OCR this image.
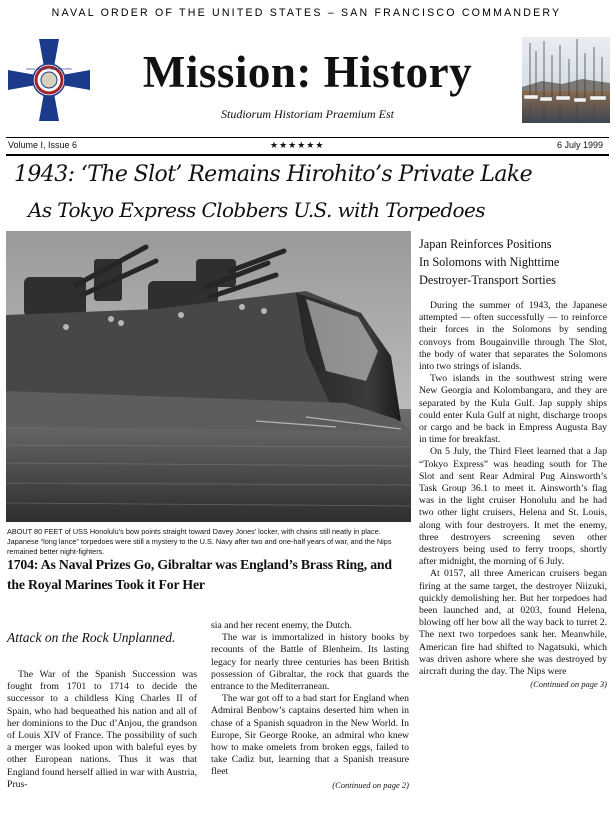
NAVAL ORDER OF THE UNITED STATES – SAN FRANCISCO COMMANDERY
NAVAL ORDER UNITED STATES	Mission: History
Studiorum Historiam Praemium Est
Volume I, Issue 6	★★★★★★	6 July 1999
1943: ‘The Slot’ Remains Hirohito’s Private Lake
As Tokyo Express Clobbers U.S. with Torpedoes
ABOUT 80 FEET of USS Honolulu’s bow points straight toward Davey Jones’ locker, with chains still neatly in place. Japanese “long lance” torpedoes were still a mystery to the U.S. Navy after two and one-half years of war, and the Nips remained better night-fighters.
1704: As Naval Prizes Go, Gibraltar was England’s Brass Ring, and the Royal Marines Took it For Her
Attack on the Rock Unplanned.

The War of the Spanish Succession was fought from 1701 to 1714 to decide the successor to a childless King Charles II of Spain, who had bequeathed his nation and all of her dominions to the Duc d’Anjou, the grandson of Louis XIV of France. The possibility of such a merger was looked upon with baleful eyes by other European nations. Thus it was that England found herself allied in war with Austria, Prus-

sia and her recent enemy, the Dutch.

The war is immortalized in history books by recounts of the Battle of Blenheim. Its lasting legacy for nearly three centuries has been British possession of Gibraltar, the rock that guards the entrance to the Mediterranean.

The war got off to a bad start for England when Admiral Benbow’s captains deserted him when in chase of a Spanish squadron in the New World. In Europe, Sir George Rooke, an admiral who knew how to make omelets from broken eggs, failed to take Cadiz but, learning that a Spanish treasure fleet

(Continued on page 2)
Japan Reinforces Positions
In Solomons with Nighttime
Destroyer-Transport Sorties

During the summer of 1943, the Japanese attempted — often successfully — to reinforce their forces in the Solomons by sending convoys from Bougainville through The Slot, the body of water that separates the Solomons into two strings of islands.

Two islands in the southwest string were New Georgia and Kolombangara, and they are separated by the Kula Gulf. Jap supply ships could enter Kula Gulf at night, discharge troops or cargo and be back in Empress Augusta Bay in time for breakfast.

On 5 July, the Third Fleet learned that a Jap “Tokyo Express” was heading south for The Slot and sent Rear Admiral Pug Ainsworth’s Task Group 36.1 to meet it. Ainsworth’s flag was in the light cruiser Honolulu and he had two other light cruisers, Helena and St. Louis, along with four destroyers. It met the enemy, three destroyers screening seven other destroyers being used to ferry troops, shortly after midnight, the morning of 6 July.

At 0157, all three American cruisers began firing at the same target, the destroyer Niizuki, quickly demolishing her. But her torpedoes had been launched and, at 0203, found Helena, blowing off her bow all the way back to turret 2. The next two torpedoes sank her. Meanwhile, American fire had shifted to Nagatsuki, which was driven ashore where she was destroyed by aircraft during the day. The Nips were

(Continued on page 3)
